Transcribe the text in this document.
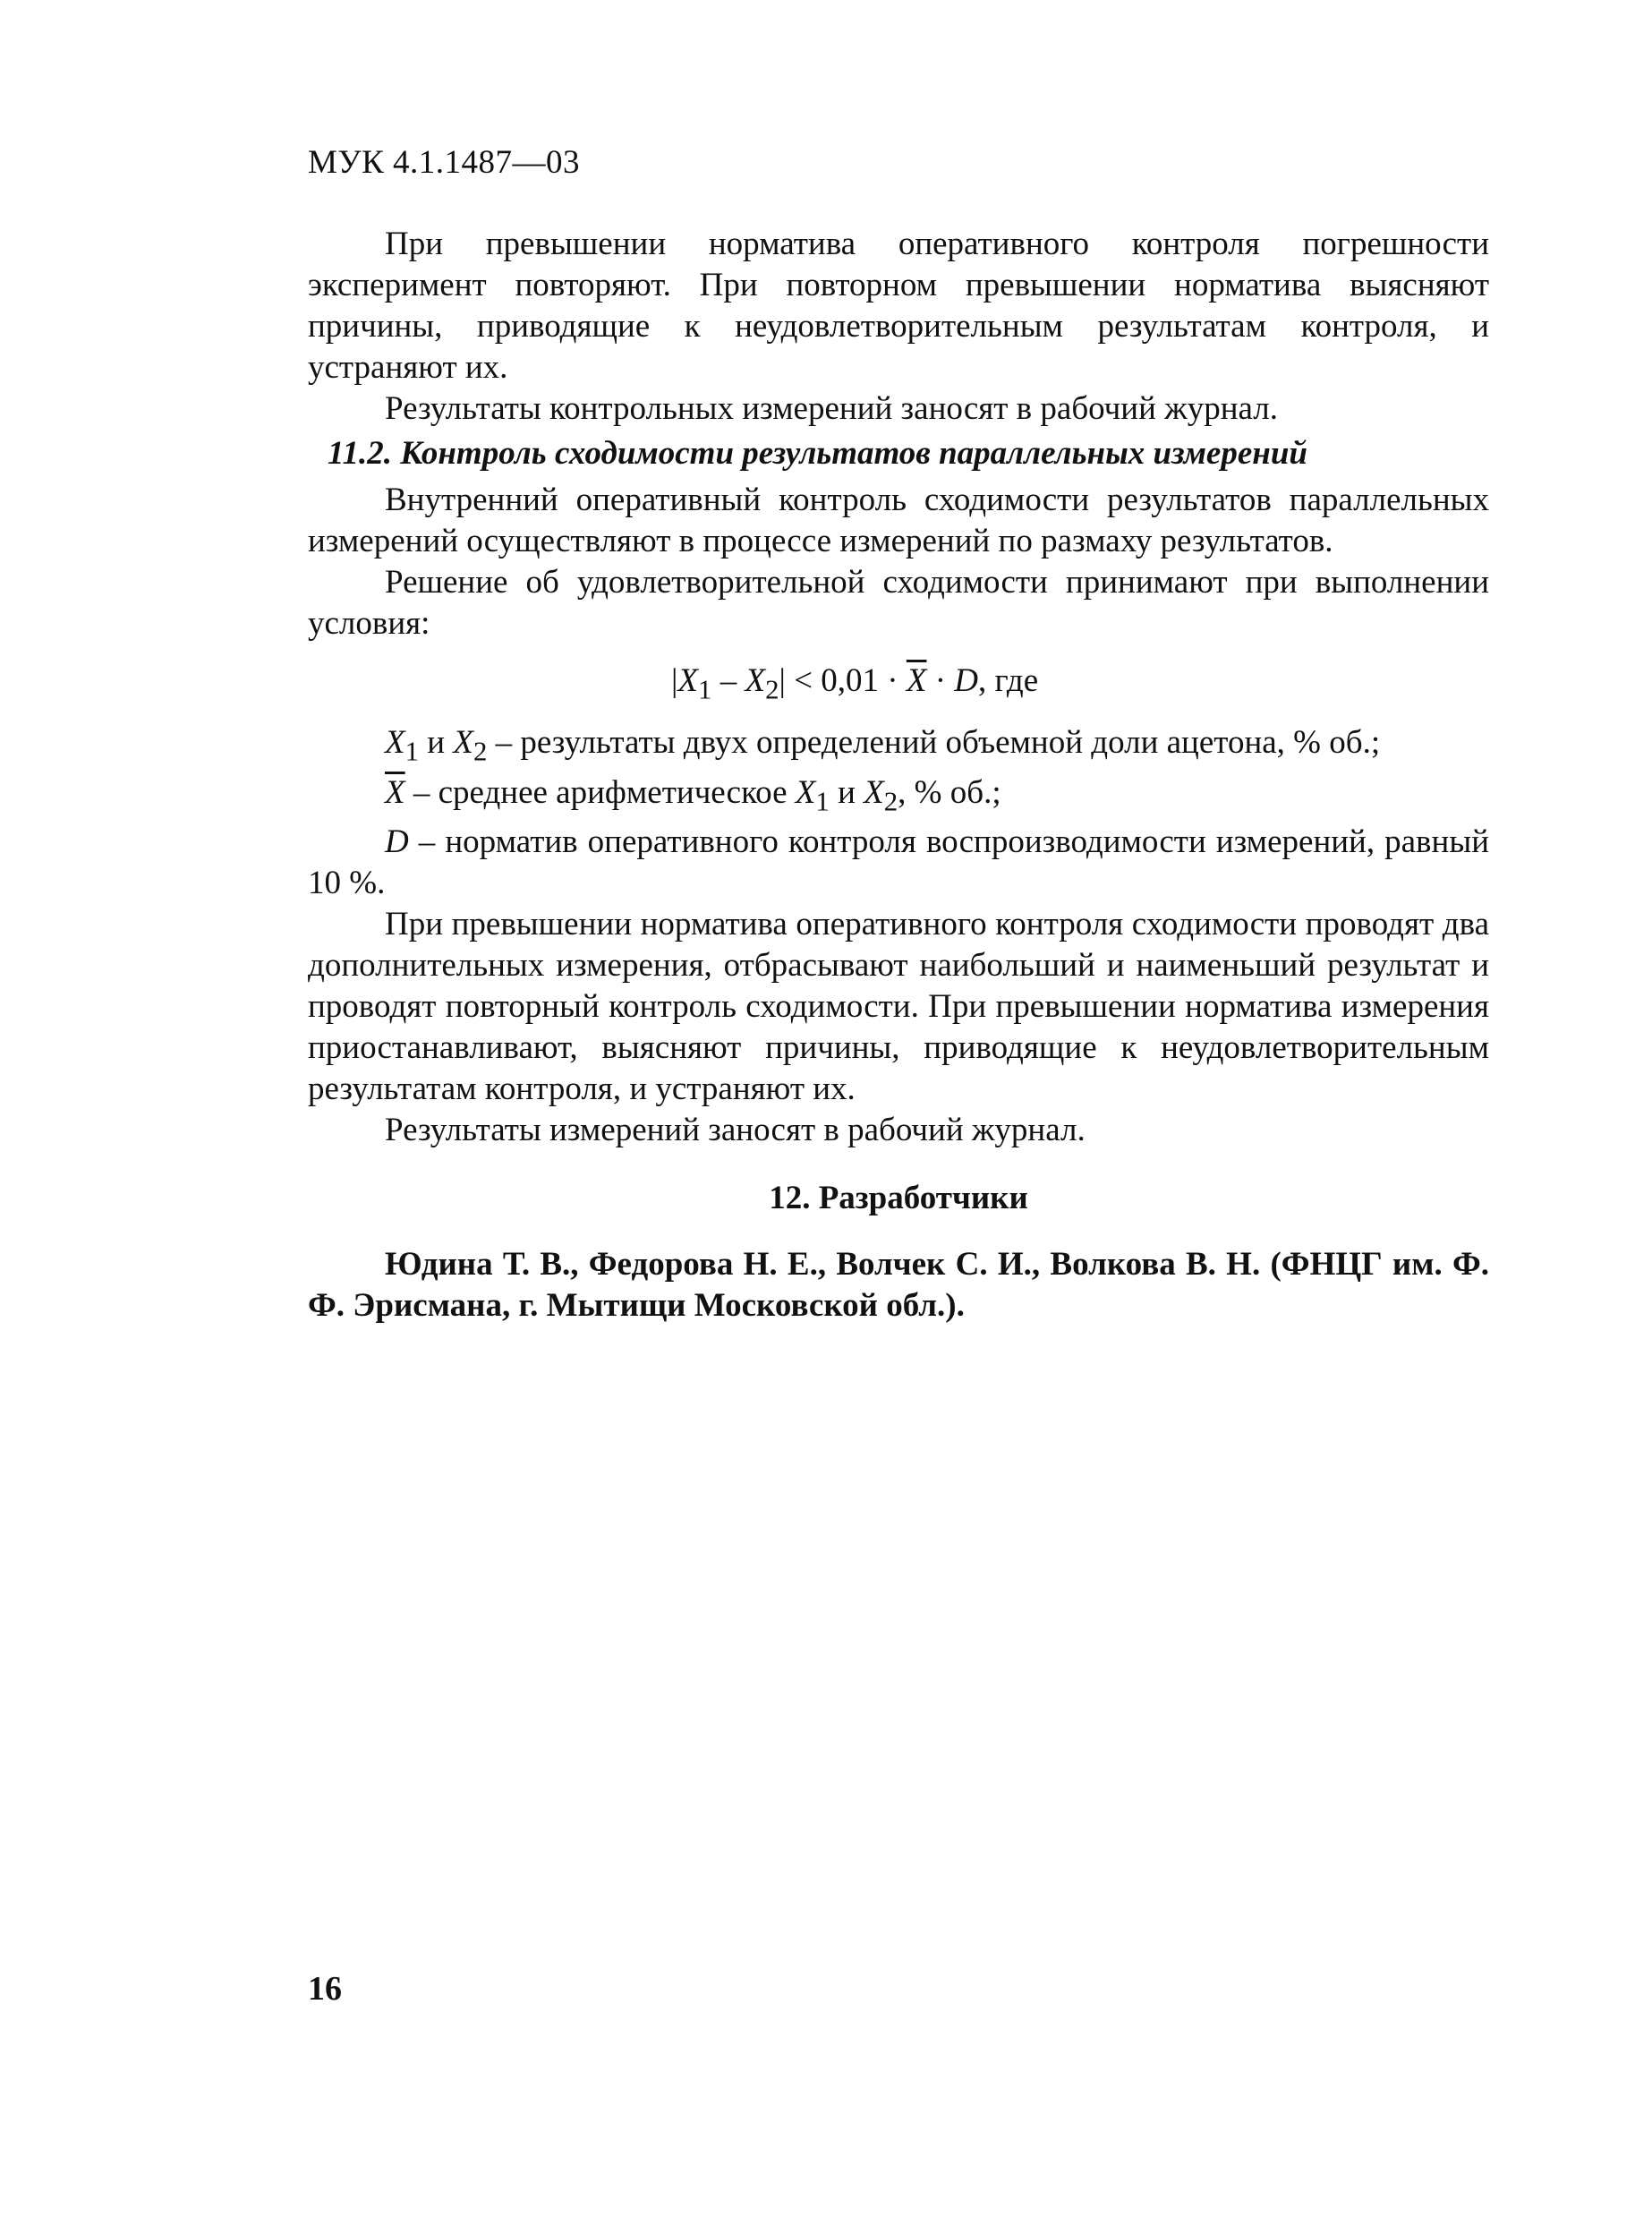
МУК 4.1.1487—03

При превышении норматива оперативного контроля погрешности эксперимент повторяют. При повторном превышении норматива выясняют причины, приводящие к неудовлетворительным результатам контроля, и устраняют их.

Результаты контрольных измерений заносят в рабочий журнал.

11.2. Контроль сходимости результатов параллельных измерений

Внутренний оперативный контроль сходимости результатов параллельных измерений осуществляют в процессе измерений по размаху результатов.

Решение об удовлетворительной сходимости принимают при выполнении условия:

$|X_1 - X_2| < 0,01 \cdot \overline{X} \cdot D$, где

$X_1$ и $X_2$ – результаты двух определений объемной доли ацетона, % об.;

$\overline{X}$ – среднее арифметическое $X_1$ и $X_2$, % об.;

D – норматив оперативного контроля воспроизводимости измерений, равный 10 %.

При превышении норматива оперативного контроля сходимости проводят два дополнительных измерения, отбрасывают наибольший и наименьший результат и проводят повторный контроль сходимости. При превышении норматива измерения приостанавливают, выясняют причины, приводящие к неудовлетворительным результатам контроля, и устраняют их.

Результаты измерений заносят в рабочий журнал.

12. Разработчики

Юдина Т. В., Федорова Н. Е., Волчек С. И., Волкова В. Н. (ФНЦГ им. Ф. Ф. Эрисмана, г. Мытищи Московской обл.).

16
